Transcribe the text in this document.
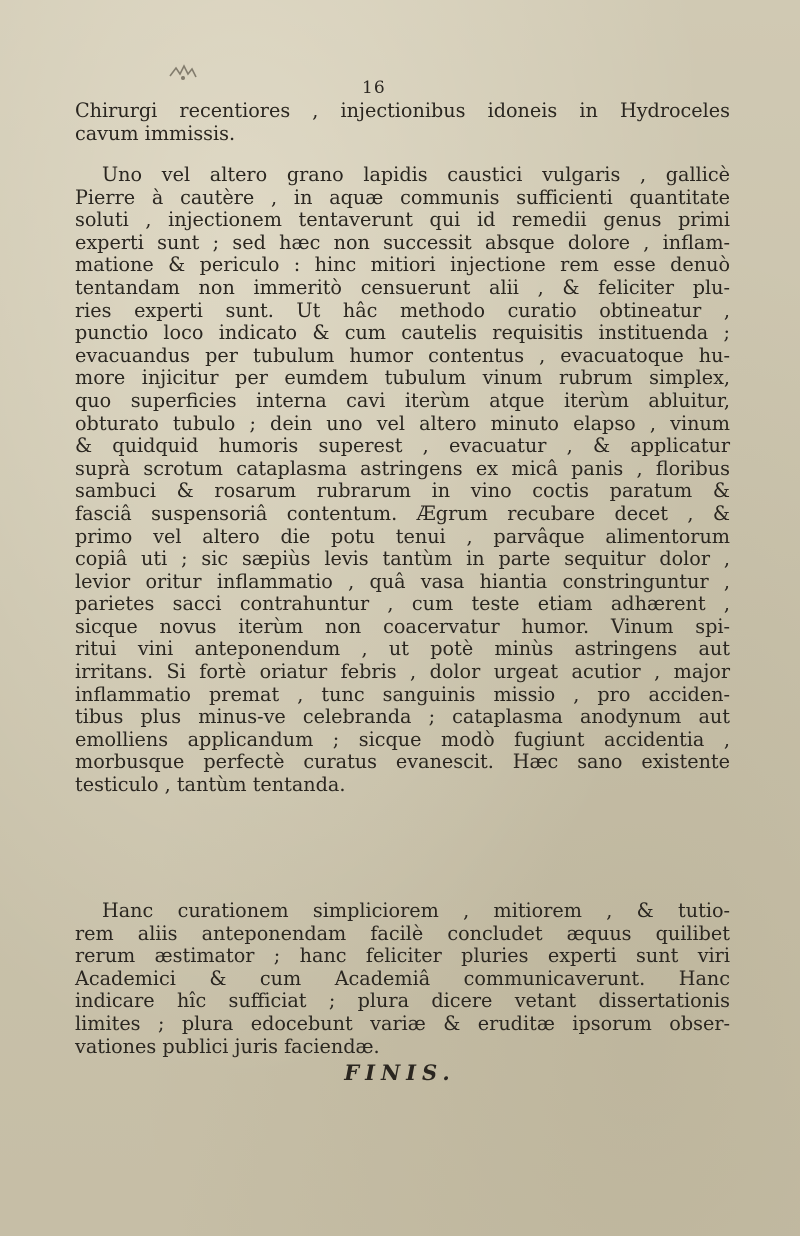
16
Chirurgi recentiores , injectionibus idoneis in Hydroceles
cavum immissis.
Uno vel altero grano lapidis caustici vulgaris , gallicè
Pierre à cautère , in aquæ communis sufficienti quantitate
soluti , injectionem tentaverunt qui id remedii genus primi
experti sunt ; sed hæc non successit absque dolore , inflam-
matione & periculo : hinc mitiori injectione rem esse denuò
tentandam non immeritò censuerunt alii , & feliciter plu-
ries experti sunt. Ut hâc methodo curatio obtineatur ,
punctio loco indicato & cum cautelis requisitis instituenda ;
evacuandus per tubulum humor contentus , evacuatoque hu-
more injicitur per eumdem tubulum vinum rubrum simplex,
quo superficies interna cavi iterùm atque iterùm abluitur,
obturato tubulo ; dein uno vel altero minuto elapso , vinum
& quidquid humoris superest , evacuatur , & applicatur
suprà scrotum cataplasma astringens ex micâ panis , floribus
sambuci & rosarum rubrarum in vino coctis paratum &
fasciâ suspensoriâ contentum. Ægrum recubare decet , &
primo vel altero die potu tenui , parvâque alimentorum
copiâ uti ; sic sæpiùs levis tantùm in parte sequitur dolor ,
levior oritur inflammatio , quâ vasa hiantia constringuntur ,
parietes sacci contrahuntur , cum teste etiam adhærent ,
sicque novus iterùm non coacervatur humor. Vinum spi-
ritui vini anteponendum , ut potè minùs astringens aut
irritans. Si fortè oriatur febris , dolor urgeat acutior , major
inflammatio premat , tunc sanguinis missio , pro acciden-
tibus plus minus-ve celebranda ; cataplasma anodynum aut
emolliens applicandum ; sicque modò fugiunt accidentia ,
morbusque perfectè curatus evanescit. Hæc sano existente
testiculo , tantùm tentanda.
Hanc curationem simpliciorem , mitiorem , & tutio-
rem aliis anteponendam facilè concludet æquus quilibet
rerum æstimator ; hanc feliciter pluries experti sunt viri
Academici & cum Academiâ communicaverunt. Hanc
indicare hîc sufficiat ; plura dicere vetant dissertationis
limites ; plura edocebunt variæ & eruditæ ipsorum obser-
vationes publici juris faciendæ.
FINIS.
